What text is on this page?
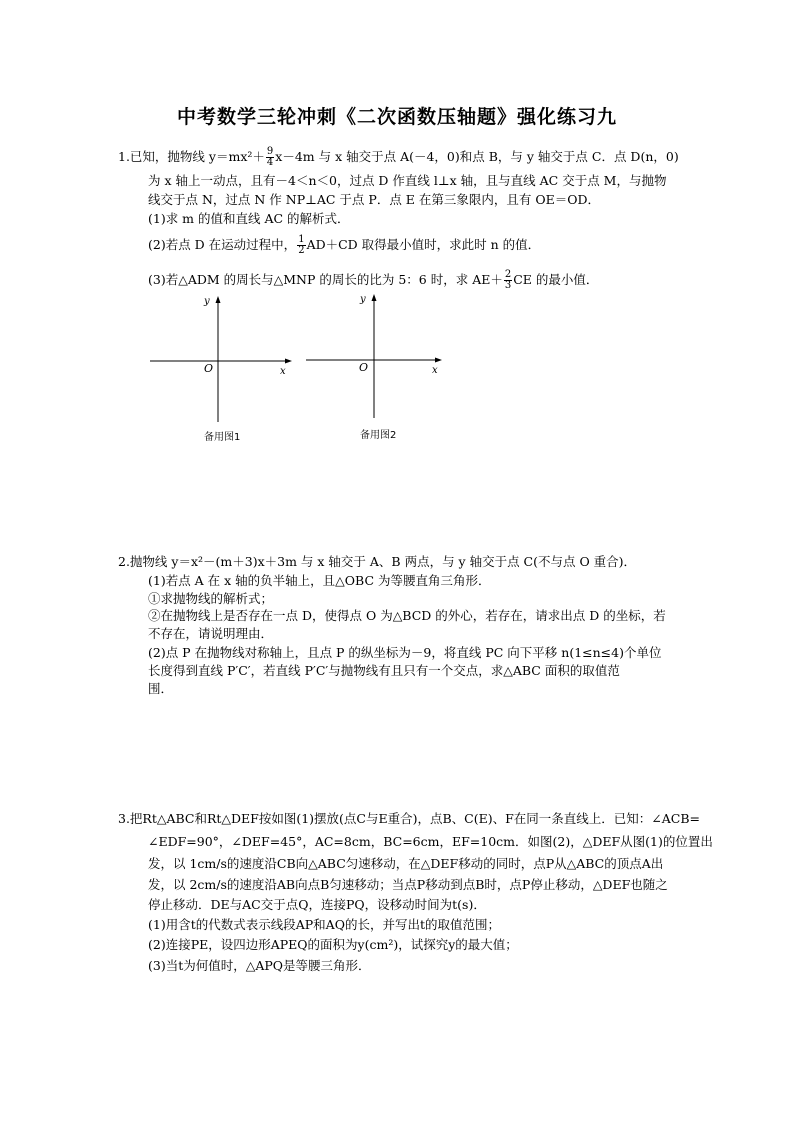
中考数学三轮冲刺《二次函数压轴题》强化练习九
1.已知，抛物线 $y=mx^2+ \frac{9}{4} x-4m$ 与 x 轴交于点 A(－4，0)和点 B，与 y 轴交于点 C．点 D(n，0)
为 x 轴上一动点，且有－4＜n＜0，过点 D 作直线 l⊥x 轴，且与直线 AC 交于点 M，与抛物
线交于点 N，过点 N 作 NP⊥AC 于点 P．点 E 在第三象限内，且有 OE＝OD．
(1)求 m 的值和直线 AC 的解析式．
(2)若点 D 在运动过程中， $\frac{1}{2} AD+CD$ 取得最小值时，求此时 n 的值．
(3)若△ADM 的周长与△MNP 的周长的比为 5：6 时，求 $AE+ \frac{2}{3}$ CE 的最小值．
y
x
O
备用图1
y
x
O
备用图2
2.抛物线 y＝x²－(m＋3)x＋3m 与 x 轴交于 A、B 两点，与 y 轴交于点 C(不与点 O 重合)．
(1)若点 A 在 x 轴的负半轴上，且△OBC 为等腰直角三角形．
①求抛物线的解析式；
②在抛物线上是否存在一点 D，使得点 O 为△BCD 的外心，若存在，请求出点 D 的坐标，若
不存在，请说明理由．
(2)点 P 在抛物线对称轴上，且点 P 的纵坐标为－9，将直线 PC 向下平移 n(1≤n≤4)个单位
长度得到直线 P′C′，若直线 P′C′与抛物线有且只有一个交点，求△ABC 面积的取值范
围．
3.把Rt△ABC和Rt△DEF按如图(1)摆放(点C与E重合)，点B、C(E)、F在同一条直线上．已知：∠ACB=
∠EDF=90°，∠DEF=45°，AC=8cm，BC=6cm，EF=10cm．如图(2)，△DEF从图(1)的位置出
发，以 1cm/s的速度沿CB向△ABC匀速移动，在△DEF移动的同时，点P从△ABC的顶点A出
发，以 2cm/s的速度沿AB向点B匀速移动；当点P移动到点B时，点P停止移动，△DEF也随之
停止移动．DE与AC交于点Q，连接PQ，设移动时间为t(s)．
(1)用含t的代数式表示线段AP和AQ的长，并写出t的取值范围；
(2)连接PE，设四边形APEQ的面积为y(cm²)，试探究y的最大值；
(3)当t为何值时，△APQ是等腰三角形．
